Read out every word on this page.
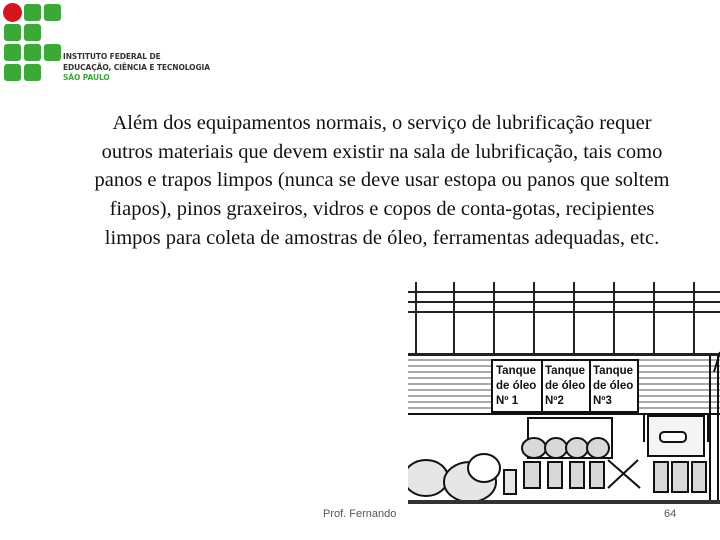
INSTITUTO FEDERAL DE
EDUCAÇÃO, CIÊNCIA E TECNOLOGIA
SÃO PAULO
Além dos equipamentos normais, o serviço de lubrificação requer outros materiais que devem existir na sala de lubrificação, tais como panos e trapos limpos (nunca se deve usar estopa ou panos que soltem fiapos), pinos graxeiros, vidros e copos de conta-gotas, recipientes limpos para coleta de amostras de óleo, ferramentas adequadas, etc.
Tanque
de óleo
Nº 1
Tanque
de óleo
Nº2
Tanque
de óleo
Nº3
Prof. Fernando	64
